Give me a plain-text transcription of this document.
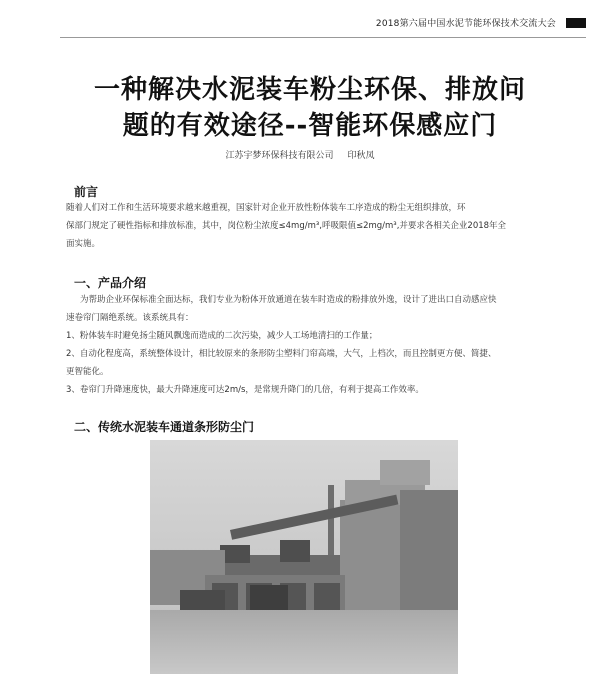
2018第六届中国水泥节能环保技术交流大会
一种解决水泥装车粉尘环保、排放问
题的有效途径--智能环保感应门
江苏宇梦环保科技有限公司 印秋凤
前言
随着人们对工作和生活环境要求越来越重视，国家针对企业开放性粉体装车工序造成的粉尘无组织排放，环
保部门规定了硬性指标和排放标准，其中，岗位粉尘浓度≤4mg/m³,呼吸限值≤2mg/m³,并要求各相关企业2018年全
面实施。
一、产品介绍
为帮助企业环保标准全面达标，我们专业为粉体开放通道在装车时造成的粉排放外逸，设计了进出口自动感应快
速卷帘门隔绝系统。该系统具有：
1、粉体装车时避免扬尘随风飘逸而造成的二次污染，减少人工场地清扫的工作量；
2、自动化程度高，系统整体设计，相比较原来的条形防尘塑料门帘高端，大气，上档次，而且控制更方便、简捷、
更智能化。
3、卷帘门升降速度快，最大升降速度可达2m/s，是常规升降门的几倍，有利于提高工作效率。
二、传统水泥装车通道条形防尘门
